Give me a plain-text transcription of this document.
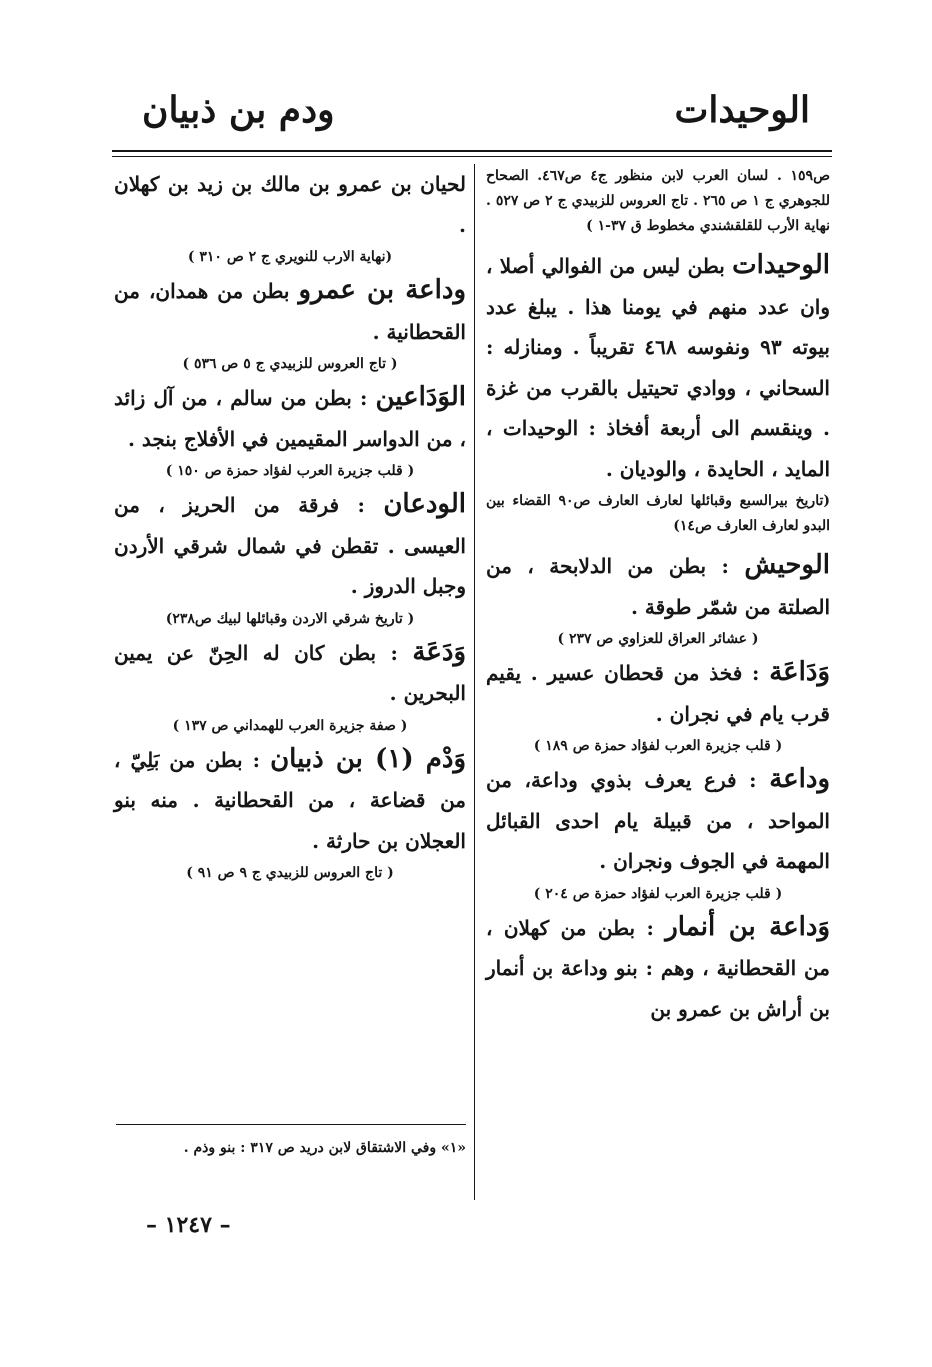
الوحيدات
ودم بن ذبيان

ص١٥٩ . لسان العرب لابن منظور ج٤ ص٤٦٧. الصحاح للجوهري ج ١ ص ٢٦٥ . تاج العروس للزبيدي ج ٢ ص ٥٢٧ . نهاية الأرب للقلقشندي مخطوط ق ٣٧-١ )

الوحيدات بطن ليس من الفوالي أصلا ، وان عدد منهم في يومنا هذا . يبلغ عدد بيوته ٩٣ ونفوسه ٤٦٨ تقريباً . ومنازله : السحاني ، ووادي تحيتيل بالقرب من غزة . وينقسم الى أربعة أفخاذ : الوحيدات ، المايد ، الحايدة ، والوديان .

(تاريخ بيرالسبع وقبائلها لعارف العارف ص٩٠ القضاء بين البدو لعارف العارف ص١٤)

الوحيش : بطن من الدلابحة ، من الصلتة من شمّر طوقة .

( عشائر العراق للعزاوي ص ٢٣٧ )

وَدَاعَة : فخذ من قحطان عسير . يقيم قرب يام في نجران .

( قلب جزيرة العرب لفؤاد حمزة ص ١٨٩ )

وداعة : فرع يعرف بذوي وداعة، من المواحد ، من قبيلة يام احدى القبائل المهمة في الجوف ونجران .

( قلب جزيرة العرب لفؤاد حمزة ص ٢٠٤ )

وَداعة بن أنمار : بطن من كهلان ، من القحطانية ، وهم : بنو وداعة بن أنمار بن أراش بن عمرو بن

لحيان بن عمرو بن مالك بن زيد بن كهلان .

(نهاية الارب للنويري ج ٢ ص ٣١٠ )

وداعة بن عمرو بطن من همدان، من القحطانية .

( تاج العروس للزبيدي ج ٥ ص ٥٣٦ )

الوَدَاعين : بطن من سالم ، من آل زائد ، من الدواسر المقيمين في الأفلاج بنجد .

( قلب جزيرة العرب لفؤاد حمزة ص ١٥٠ )

الودعان : فرقة من الحريز ، من العيسى . تقطن في شمال شرقي الأردن وجبل الدروز .

( تاريخ شرقي الاردن وقبائلها لبيك ص٢٣٨)

وَدَعَة : بطن كان له الحِنّ عن يمين البحرين .

( صفة جزيرة العرب للهمداني ص ١٣٧ )

وَدْم (١) بن ذبيان : بطن من بَلِيّ ، من قضاعة ، من القحطانية . منه بنو العجلان بن حارثة .

( تاج العروس للزبيدي ج ٩ ص ٩١ )

«١» وفي الاشتقاق لابن دريد ص ٣١٧ : بنو وذم .
– ١٢٤٧ –
